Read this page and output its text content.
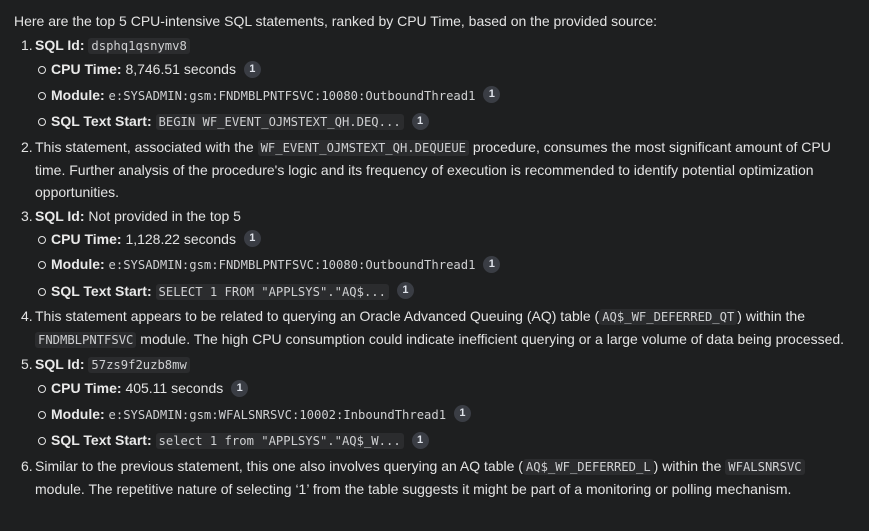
Here are the top 5 CPU-intensive SQL statements, ranked by CPU Time, based on the provided source:
1. SQL Id: dsphq1qsnymv8
CPU Time: 8,746.51 seconds 1
Module: e:SYSADMIN:gsm:FNDMBLPNTFSVC:10080:OutboundThread1 1
SQL Text Start: BEGIN WF_EVENT_OJMSTEXT_QH.DEQ... 1
2. This statement, associated with the WF_EVENT_OJMSTEXT_QH.DEQUEUE procedure, consumes the most significant amount of CPU time. Further analysis of the procedure's logic and its frequency of execution is recommended to identify potential optimization opportunities.
3. SQL Id: Not provided in the top 5
CPU Time: 1,128.22 seconds 1
Module: e:SYSADMIN:gsm:FNDMBLPNTFSVC:10080:OutboundThread1 1
SQL Text Start: SELECT 1 FROM "APPLSYS"."AQ$... 1
4. This statement appears to be related to querying an Oracle Advanced Queuing (AQ) table ( AQ$_WF_DEFERRED_QT ) within the FNDMBLPNTFSVC module. The high CPU consumption could indicate inefficient querying or a large volume of data being processed.
5. SQL Id: 57zs9f2uzb8mw
CPU Time: 405.11 seconds 1
Module: e:SYSADMIN:gsm:WFALSNRSVC:10002:InboundThread1 1
SQL Text Start: select 1 from "APPLSYS"."AQ$_W... 1
6. Similar to the previous statement, this one also involves querying an AQ table ( AQ$_WF_DEFERRED_L ) within the WFALSNRSVC module. The repetitive nature of selecting ‘1’ from the table suggests it might be part of a monitoring or polling mechanism.
